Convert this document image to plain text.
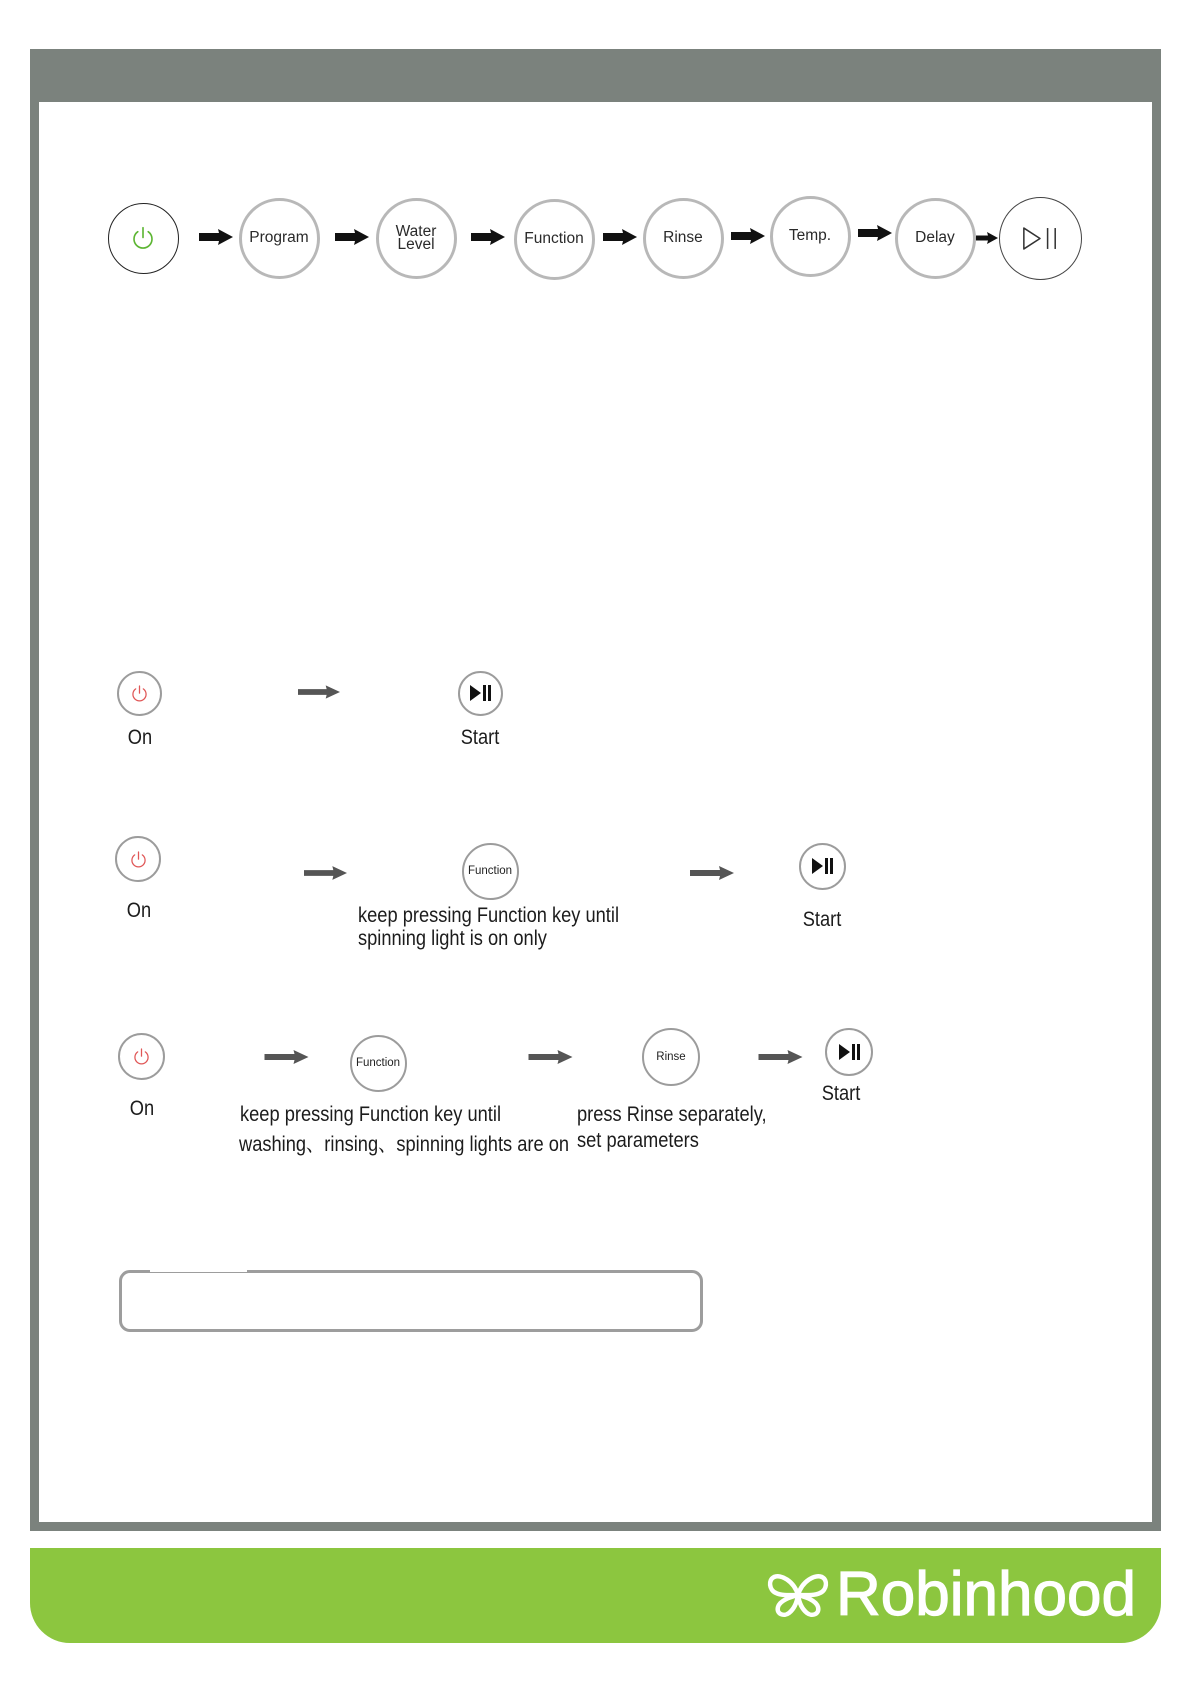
Program	Water
Level	Function	Rinse	Temp.	Delay
On	Start
On
Function
keep pressing Function key until
spinning light is on only
Start
On
Function
keep pressing Function key until
washing、rinsing、spinning lights are on
Rinse
press Rinse separately,
set parameters
Start
Robinhood
